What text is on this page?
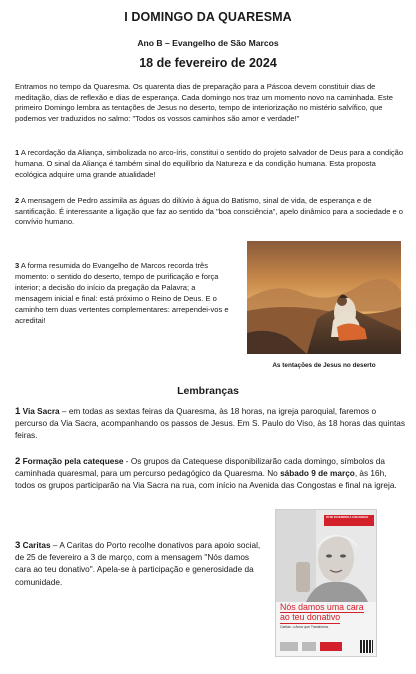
I DOMINGO DA QUARESMA
Ano B – Evangelho de São Marcos
18 de fevereiro de 2024

Entramos no tempo da Quaresma. Os quarenta dias de preparação para a Páscoa devem constituir dias de meditação, dias de reflexão e dias de esperança. Cada domingo nos traz um momento novo na caminhada. Este primeiro Domingo lembra as tentações de Jesus no deserto, tempo de interiorização no mistério salvífico, que podemos ver traduzidos no salmo: "Todos os vossos caminhos são amor e verdade!"

1 A recordação da Aliança, simbolizada no arco-íris, constitui o sentido do projeto salvador de Deus para a condição humana. O sinal da Aliança é também sinal do equilíbrio da Natureza e da condição humana. Esta proposta ecológica adquire uma grande atualidade!

2 A mensagem de Pedro assimila as águas do dilúvio à água do Batismo, sinal de vida, de esperança e de santificação. É interessante a ligação que faz ao sentido da "boa consciência", apelo dinâmico para a sociedade e o convívio humano.

3 A forma resumida do Evangelho de Marcos recorda três momento: o sentido do deserto, tempo de purificação e força interior; a decisão do início da pregação da Palavra; a mensagem inicial e final: está próximo o Reino de Deus. E o caminho tem duas vertentes complementares: arrependei-vos e acreditai!

As tentações de Jesus no deserto
Lembranças

1 Via Sacra – em todas as sextas feiras da Quaresma, às 18 horas, na igreja paroquial, faremos o percurso da Via Sacra, acompanhando os passos de Jesus. Em S. Paulo do Viso, às 18 horas das quintas feiras.

2 Formação pela catequese - Os grupos da Catequese disponibilizarão cada domingo, símbolos da caminhada quaresmal, para um percurso pedagógico da Quaresma. No sábado 9 de março, às 16h, todos os grupos participarão na Via Sacra na rua, com início na Avenida das Congostas e final na igreja.

3 Caritas – A Caritas do Porto recolhe donativos para apoio social, de 25 de fevereiro a 3 de março, com a mensagem "Nós damos cara ao teu donativo". Apela-se à participação e generosidade da comunidade.

25 DE FEVEREIRO A 3 DE MARÇO
Nós damos uma cara
ao teu donativo
Cáritas. o Amor que Transforma.
